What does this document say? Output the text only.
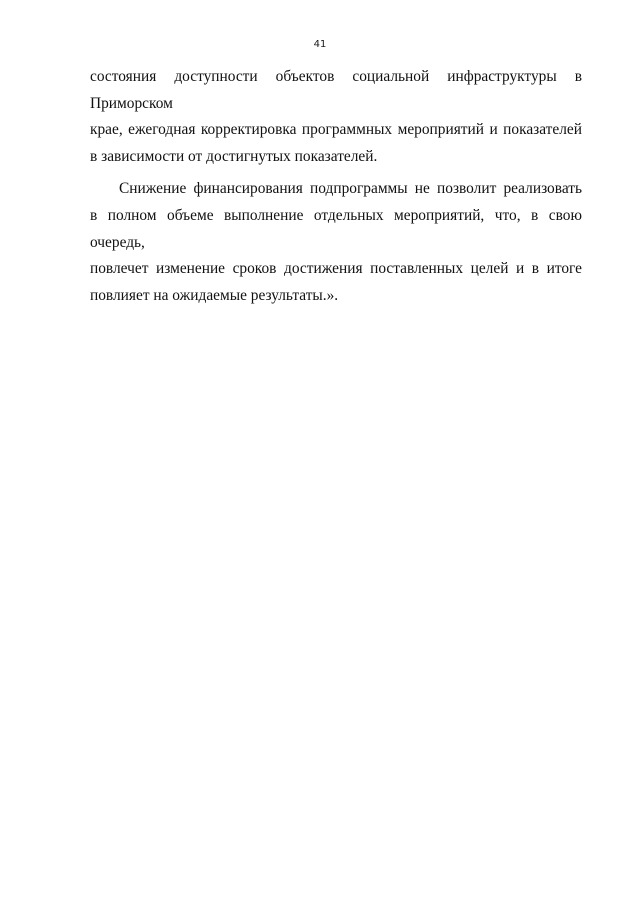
41

состояния доступности объектов социальной инфраструктуры в Приморском
крае, ежегодная корректировка программных мероприятий и показателей
в зависимости от достигнутых показателей.

Снижение финансирования подпрограммы не позволит реализовать
в полном объеме выполнение отдельных мероприятий, что, в свою очередь,
повлечет изменение сроков достижения поставленных целей и в итоге
повлияет на ожидаемые результаты.».
